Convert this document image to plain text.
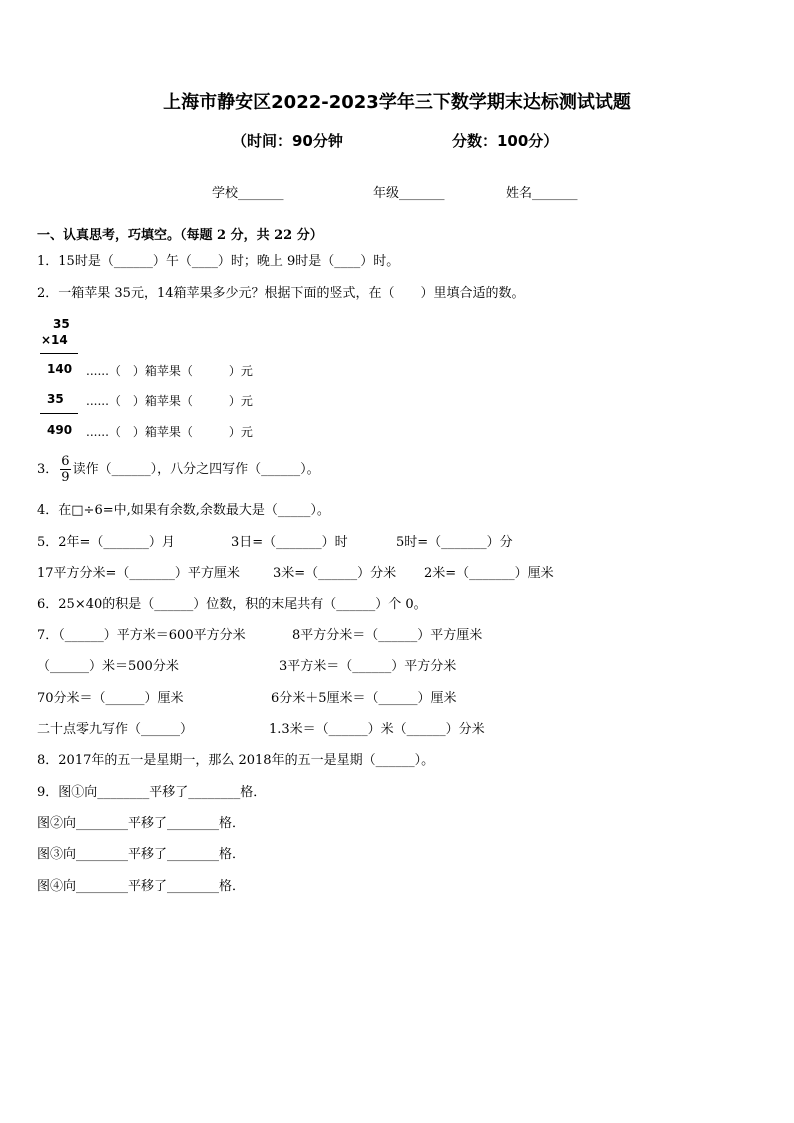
上海市静安区2022-2023学年三下数学期末达标测试试题
（时间：90分钟	分数：100分）
学校_______	年级_______	姓名_______
一、认真思考，巧填空。（每题 2 分，共 22 分）
1．15时是（______）午（____）时；晚上 9时是（____）时。
2．一箱苹果 35元，14箱苹果多少元？根据下面的竖式，在（　　）里填合适的数。
35
×14
140 ......（　）箱苹果（　　　）元
35 ......（　）箱苹果（　　　）元
490 ......（　）箱苹果（　　　）元
3． $\frac{6}{9}$ 读作（______），八分之四写作（______）。
4．在□÷6=中,如果有余数,余数最大是（_____）。
5．2年=（_______）月	3日=（_______）时	5时=（_______）分
17平方分米=（_______）平方厘米	3米=（______）分米 2米=（_______）厘米
6．25×40的积是（______）位数，积的末尾共有（______）个 0。
7．（______）平方米＝600平方分米	8平方分米＝（______）平方厘米
（______）米＝500分米	3平方米＝（______）平方分米
70分米＝（______）厘米	6分米＋5厘米＝（______）厘米
二十点零九写作（______）	1.3米＝（______）米（______）分米
8．2017年的五一是星期一，那么 2018年的五一是星期（______）。
9．图①向________平移了________格．
图②向________平移了________格．
图③向________平移了________格．
图④向________平移了________格．
